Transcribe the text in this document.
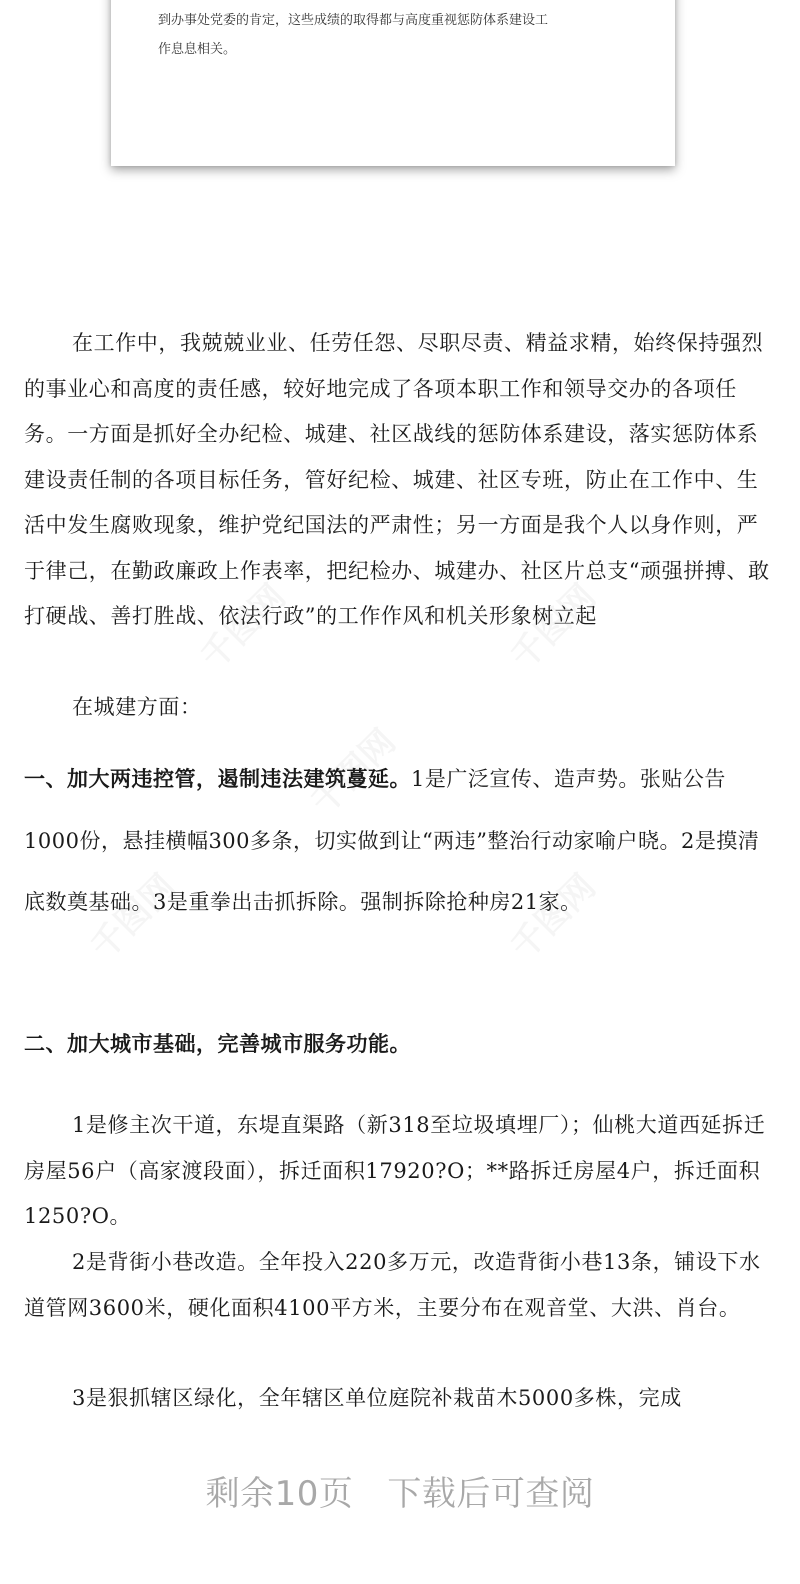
千图网	千图网
千图网
千图网	千图网

到办事处党委的肯定，这些成绩的取得都与高度重视惩防体系建设工
作息息相关。

在工作中，我兢兢业业、任劳任怨、尽职尽责、精益求精，始终保持强烈的事业心和高度的责任感，较好地完成了各项本职工作和领导交办的各项任务。一方面是抓好全办纪检、城建、社区战线的惩防体系建设，落实惩防体系建设责任制的各项目标任务，管好纪检、城建、社区专班，防止在工作中、生活中发生腐败现象，维护党纪国法的严肃性；另一方面是我个人以身作则，严于律己，在勤政廉政上作表率，把纪检办、城建办、社区片总支“顽强拼搏、敢打硬战、善打胜战、依法行政”的工作作风和机关形象树立起

在城建方面：

一、加大两违控管，遏制违法建筑蔓延。1是广泛宣传、造声势。张贴公告1000份，悬挂横幅300多条，切实做到让“两违”整治行动家喻户晓。2是摸清底数奠基础。3是重拳出击抓拆除。强制拆除抢种房21家。

二、加大城市基础，完善城市服务功能。

1是修主次干道，东堤直渠路（新318至垃圾填埋厂）；仙桃大道西延拆迁房屋56户（高家渡段面），拆迁面积17920?O；**路拆迁房屋4户，拆迁面积1250?O。

2是背街小巷改造。全年投入220多万元，改造背街小巷13条，铺设下水道管网3600米，硬化面积4100平方米，主要分布在观音堂、大洪、肖台。

3是狠抓辖区绿化，全年辖区单位庭院补栽苗木5000多株，完成

剩余10页 下载后可查阅
